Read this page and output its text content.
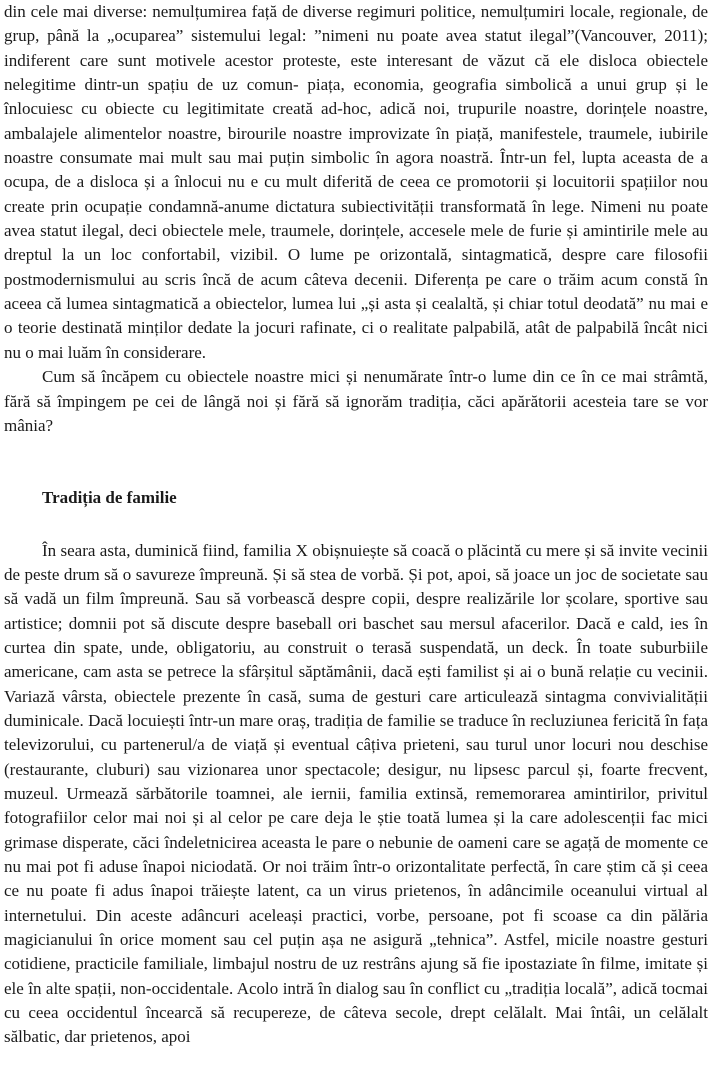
din cele mai diverse: nemulțumirea față de diverse regimuri politice, nemulțumiri locale, regionale, de grup, până la „ocuparea” sistemului legal: ”nimeni nu poate avea statut ilegal”(Vancouver, 2011); indiferent care sunt motivele acestor proteste, este interesant de văzut că ele disloca obiectele nelegitime dintr-un spațiu de uz comun- piața, economia, geografia simbolică a unui grup și le înlocuiesc cu obiecte cu legitimitate creată ad-hoc, adică noi, trupurile noastre, dorințele noastre, ambalajele alimentelor noastre, birourile noastre improvizate în piață, manifestele, traumele, iubirile noastre consumate mai mult sau mai puțin simbolic în agora noastră. Într-un fel, lupta aceasta de a ocupa, de a disloca și a înlocui nu e cu mult diferită de ceea ce promotorii și locuitorii spațiilor nou create prin ocupație condamnă-anume dictatura subiectivității transformată în lege. Nimeni nu poate avea statut ilegal, deci obiectele mele, traumele, dorințele, accesele mele de furie și amintirile mele au dreptul la un loc confortabil, vizibil. O lume pe orizontală, sintagmatică, despre care filosofii postmodernismului au scris încă de acum câteva decenii. Diferența pe care o trăim acum constă în aceea că lumea sintagmatică a obiectelor, lumea lui „și asta și cealaltă, și chiar totul deodată” nu mai e o teorie destinată minților dedate la jocuri rafinate, ci o realitate palpabilă, atât de palpabilă încât nici nu o mai luăm în considerare.

Cum să încăpem cu obiectele noastre mici și nenumărate într-o lume din ce în ce mai strâmtă, fără să împingem pe cei de lângă noi și fără să ignorăm tradiția, căci apărătorii acesteia tare se vor mânia?

Tradiția de familie

În seara asta, duminică fiind, familia X obișnuiește să coacă o plăcintă cu mere și să invite vecinii de peste drum să o savureze împreună. Și să stea de vorbă. Și pot, apoi, să joace un joc de societate sau să vadă un film împreună. Sau să vorbească despre copii, despre realizările lor școlare, sportive sau artistice; domnii pot să discute despre baseball ori baschet sau mersul afacerilor. Dacă e cald, ies în curtea din spate, unde, obligatoriu, au construit o terasă suspendată, un deck. În toate suburbiile americane, cam asta se petrece la sfârșitul săptămânii, dacă ești familist și ai o bună relație cu vecinii. Variază vârsta, obiectele prezente în casă, suma de gesturi care articulează sintagma convivialității duminicale. Dacă locuiești într-un mare oraș, tradiția de familie se traduce în recluziunea fericită în fața televizorului, cu partenerul/a de viață și eventual câțiva prieteni, sau turul unor locuri nou deschise (restaurante, cluburi) sau vizionarea unor spectacole; desigur, nu lipsesc parcul și, foarte frecvent, muzeul. Urmează sărbătorile toamnei, ale iernii, familia extinsă, rememorarea amintirilor, privitul fotografiilor celor mai noi și al celor pe care deja le știe toată lumea și la care adolescenții fac mici grimase disperate, căci îndeletnicirea aceasta le pare o nebunie de oameni care se agață de momente ce nu mai pot fi aduse înapoi niciodată. Or noi trăim într-o orizontalitate perfectă, în care știm că și ceea ce nu poate fi adus înapoi trăiește latent, ca un virus prietenos, în adâncimile oceanului virtual al internetului. Din aceste adâncuri aceleași practici, vorbe, persoane, pot fi scoase ca din pălăria magicianului în orice moment sau cel puțin așa ne asigură „tehnica”. Astfel, micile noastre gesturi cotidiene, practicile familiale, limbajul nostru de uz restrâns ajung să fie ipostaziate în filme, imitate și ele în alte spații, non-occidentale. Acolo intră în dialog sau în conflict cu „tradiția locală”, adică tocmai cu ceea occidentul încearcă să recupereze, de câteva secole, drept celălalt. Mai întâi, un celălalt sălbatic, dar prietenos, apoi
